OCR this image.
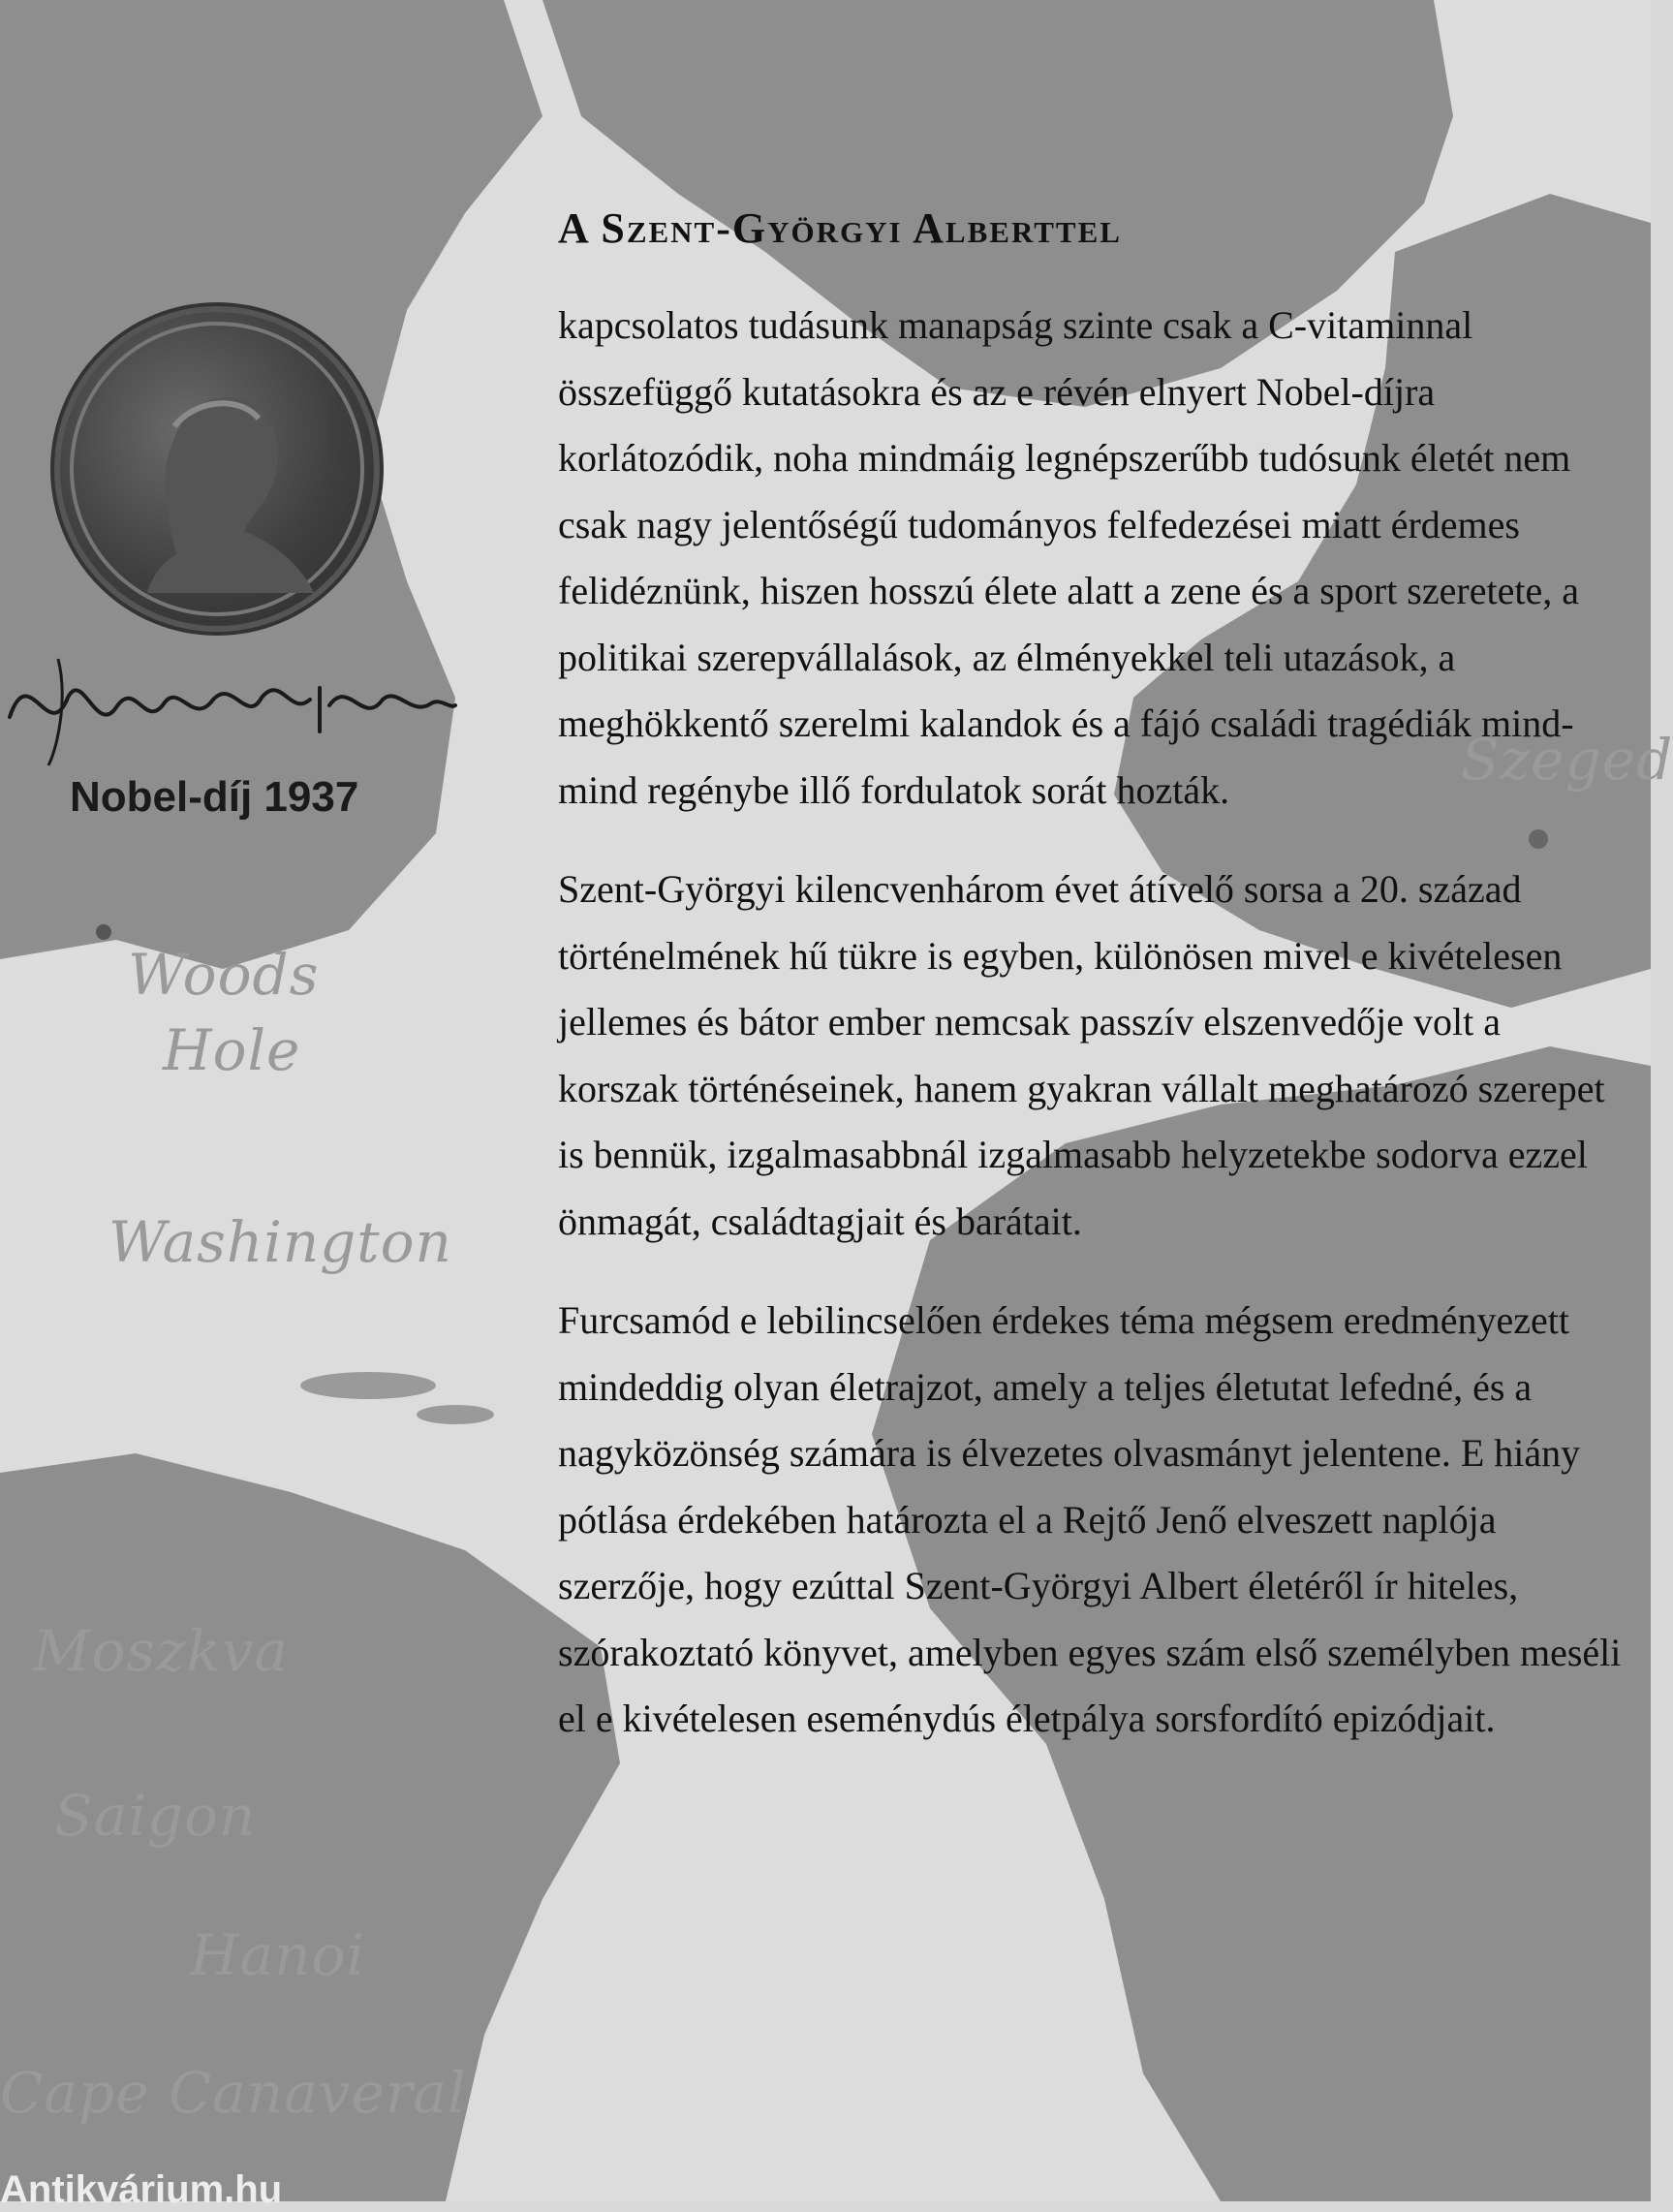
Woods
Hole
Washington
Moszkva
Saigon
Hanoi
Cape Canaveral
Szeged
Nobel-díj 1937
A Szent-Györgyi Alberttel

kapcsolatos tudásunk manapság szinte csak a C-vitaminnal összefüggő kutatásokra és az e révén elnyert Nobel-díjra korlátozódik, noha mindmáig legnépszerűbb tudósunk életét nem csak nagy jelentőségű tudományos felfedezései miatt érdemes felidéznünk, hiszen hosszú élete alatt a zene és a sport szeretete, a politikai szerepvállalások, az élményekkel teli utazások, a meghökkentő szerelmi kalandok és a fájó családi tragédiák mind-mind regénybe illő fordulatok sorát hozták.

Szent-Györgyi kilencvenhárom évet átívelő sorsa a 20. század történelmének hű tükre is egyben, különösen mivel e kivételesen jellemes és bátor ember nemcsak passzív elszenvedője volt a korszak történéseinek, hanem gyakran vállalt meghatározó szerepet is bennük, izgalmasabbnál izgalmasabb helyzetekbe sodorva ezzel önmagát, családtagjait és barátait.

Furcsamód e lebilincselően érdekes téma mégsem eredményezett mindeddig olyan életrajzot, amely a teljes életutat lefedné, és a nagyközönség számára is élvezetes olvasmányt jelentene. E hiány pótlása érdekében határozta el a Rejtő Jenő elveszett naplója szerzője, hogy ezúttal Szent-Györgyi Albert életéről ír hiteles, szórakoztató könyvet, amelyben egyes szám első személyben meséli el e kivételesen eseménydús életpálya sorsfordító epizódjait.

Antikvárium.hu
